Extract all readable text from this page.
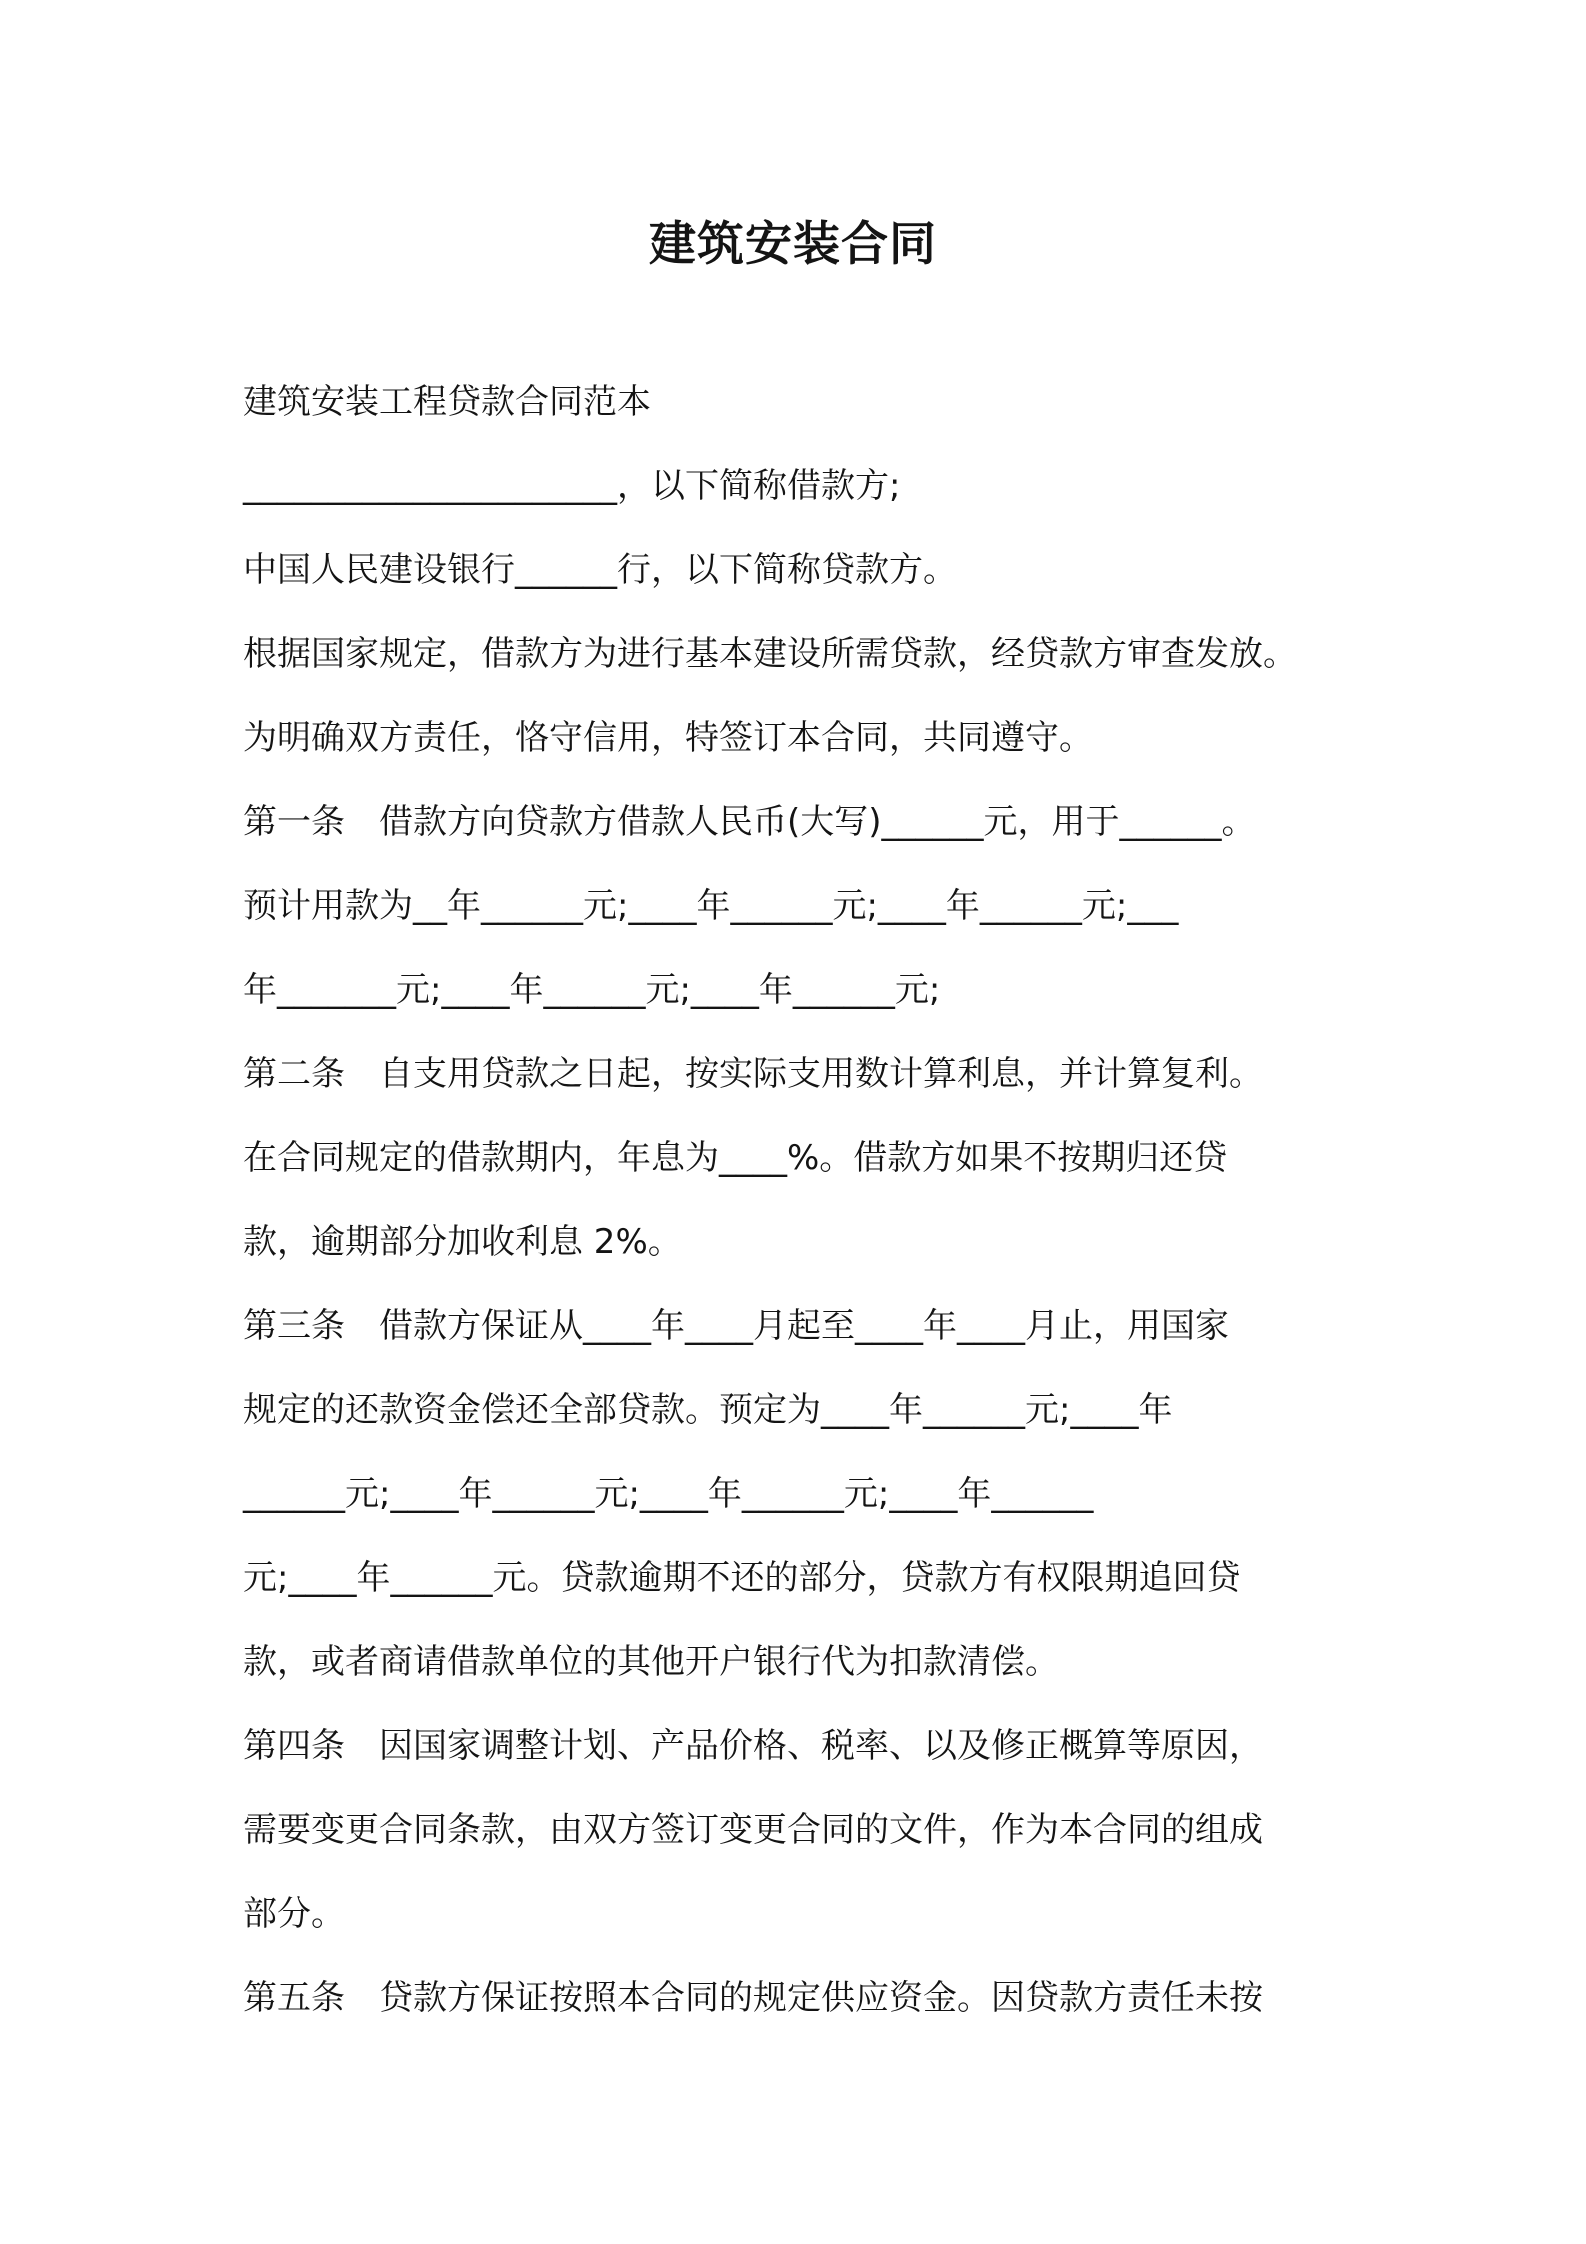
建筑安装合同

建筑安装工程贷款合同范本

______________________，以下简称借款方;

中国人民建设银行______行，以下简称贷款方。

根据国家规定，借款方为进行基本建设所需贷款，经贷款方审查发放。

为明确双方责任，恪守信用，特签订本合同，共同遵守。

第一条　借款方向贷款方借款人民币(大写)______元，用于______。

预计用款为__年______元;____年______元;____年______元;___

年_______元;____年______元;____年______元;

第二条　自支用贷款之日起，按实际支用数计算利息，并计算复利。

在合同规定的借款期内，年息为____%。借款方如果不按期归还贷

款，逾期部分加收利息 2%。

第三条　借款方保证从____年____月起至____年____月止，用国家

规定的还款资金偿还全部贷款。预定为____年______元;____年

______元;____年______元;____年______元;____年______

元;____年______元。贷款逾期不还的部分，贷款方有权限期追回贷

款，或者商请借款单位的其他开户银行代为扣款清偿。

第四条　因国家调整计划、产品价格、税率、以及修正概算等原因，

需要变更合同条款，由双方签订变更合同的文件，作为本合同的组成

部分。

第五条　贷款方保证按照本合同的规定供应资金。因贷款方责任未按
